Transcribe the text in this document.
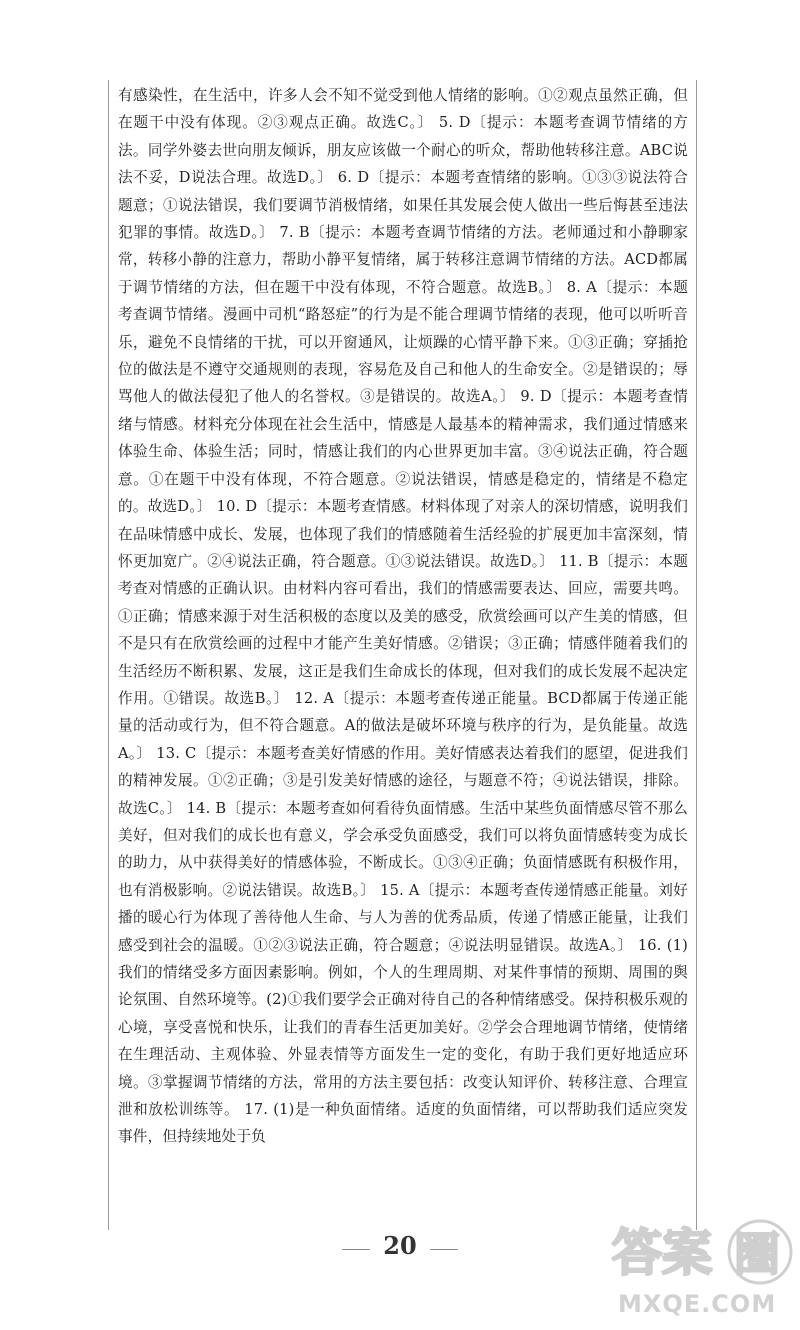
有感染性，在生活中，许多人会不知不觉受到他人情绪的影响。①②观点虽然正确，但在题干中没有体现。②③观点正确。故选C。〕 5. D〔提示：本题考查调节情绪的方法。同学外婆去世向朋友倾诉，朋友应该做一个耐心的听众，帮助他转移注意。ABC说法不妥，D说法合理。故选D。〕 6. D〔提示：本题考查情绪的影响。①③③说法符合题意；①说法错误，我们要调节消极情绪，如果任其发展会使人做出一些后悔甚至违法犯罪的事情。故选D。〕 7. B〔提示：本题考查调节情绪的方法。老师通过和小静聊家常，转移小静的注意力，帮助小静平复情绪，属于转移注意调节情绪的方法。ACD都属于调节情绪的方法，但在题干中没有体现，不符合题意。故选B。〕 8. A〔提示：本题考查调节情绪。漫画中司机“路怒症”的行为是不能合理调节情绪的表现，他可以听听音乐，避免不良情绪的干扰，可以开窗通风，让烦躁的心情平静下来。①③正确；穿插抢位的做法是不遵守交通规则的表现，容易危及自己和他人的生命安全。②是错误的；辱骂他人的做法侵犯了他人的名誉权。③是错误的。故选A。〕 9. D〔提示：本题考查情绪与情感。材料充分体现在社会生活中，情感是人最基本的精神需求，我们通过情感来体验生命、体验生活；同时，情感让我们的内心世界更加丰富。③④说法正确，符合题意。①在题干中没有体现，不符合题意。②说法错误，情感是稳定的，情绪是不稳定的。故选D。〕 10. D〔提示：本题考查情感。材料体现了对亲人的深切情感，说明我们在品味情感中成长、发展，也体现了我们的情感随着生活经验的扩展更加丰富深刻，情怀更加宽广。②④说法正确，符合题意。①③说法错误。故选D。〕 11. B〔提示：本题考查对情感的正确认识。由材料内容可看出，我们的情感需要表达、回应，需要共鸣。①正确；情感来源于对生活积极的态度以及美的感受，欣赏绘画可以产生美的情感，但不是只有在欣赏绘画的过程中才能产生美好情感。②错误；③正确；情感伴随着我们的生活经历不断积累、发展，这正是我们生命成长的体现，但对我们的成长发展不起决定作用。①错误。故选B。〕 12. A〔提示：本题考查传递正能量。BCD都属于传递正能量的活动或行为，但不符合题意。A的做法是破坏环境与秩序的行为，是负能量。故选A。〕 13. C〔提示：本题考查美好情感的作用。美好情感表达着我们的愿望，促进我们的精神发展。①②正确；③是引发美好情感的途径，与题意不符；④说法错误，排除。故选C。〕 14. B〔提示：本题考查如何看待负面情感。生活中某些负面情感尽管不那么美好，但对我们的成长也有意义，学会承受负面感受，我们可以将负面情感转变为成长的助力，从中获得美好的情感体验，不断成长。①③④正确；负面情感既有积极作用，也有消极影响。②说法错误。故选B。〕 15. A〔提示：本题考查传递情感正能量。刘好播的暖心行为体现了善待他人生命、与人为善的优秀品质，传递了情感正能量，让我们感受到社会的温暖。①②③说法正确，符合题意；④说法明显错误。故选A。〕 16. (1)我们的情绪受多方面因素影响。例如，个人的生理周期、对某件事情的预期、周围的舆论氛围、自然环境等。(2)①我们要学会正确对待自己的各种情绪感受。保持积极乐观的心境，享受喜悦和快乐，让我们的青春生活更加美好。②学会合理地调节情绪，使情绪在生理活动、主观体验、外显表情等方面发生一定的变化，有助于我们更好地适应环境。③掌握调节情绪的方法，常用的方法主要包括：改变认知评价、转移注意、合理宣泄和放松训练等。 17. (1)是一种负面情绪。适度的负面情绪，可以帮助我们适应突发事件，但持续地处于负

20	答案 圈
MXQE.COM
